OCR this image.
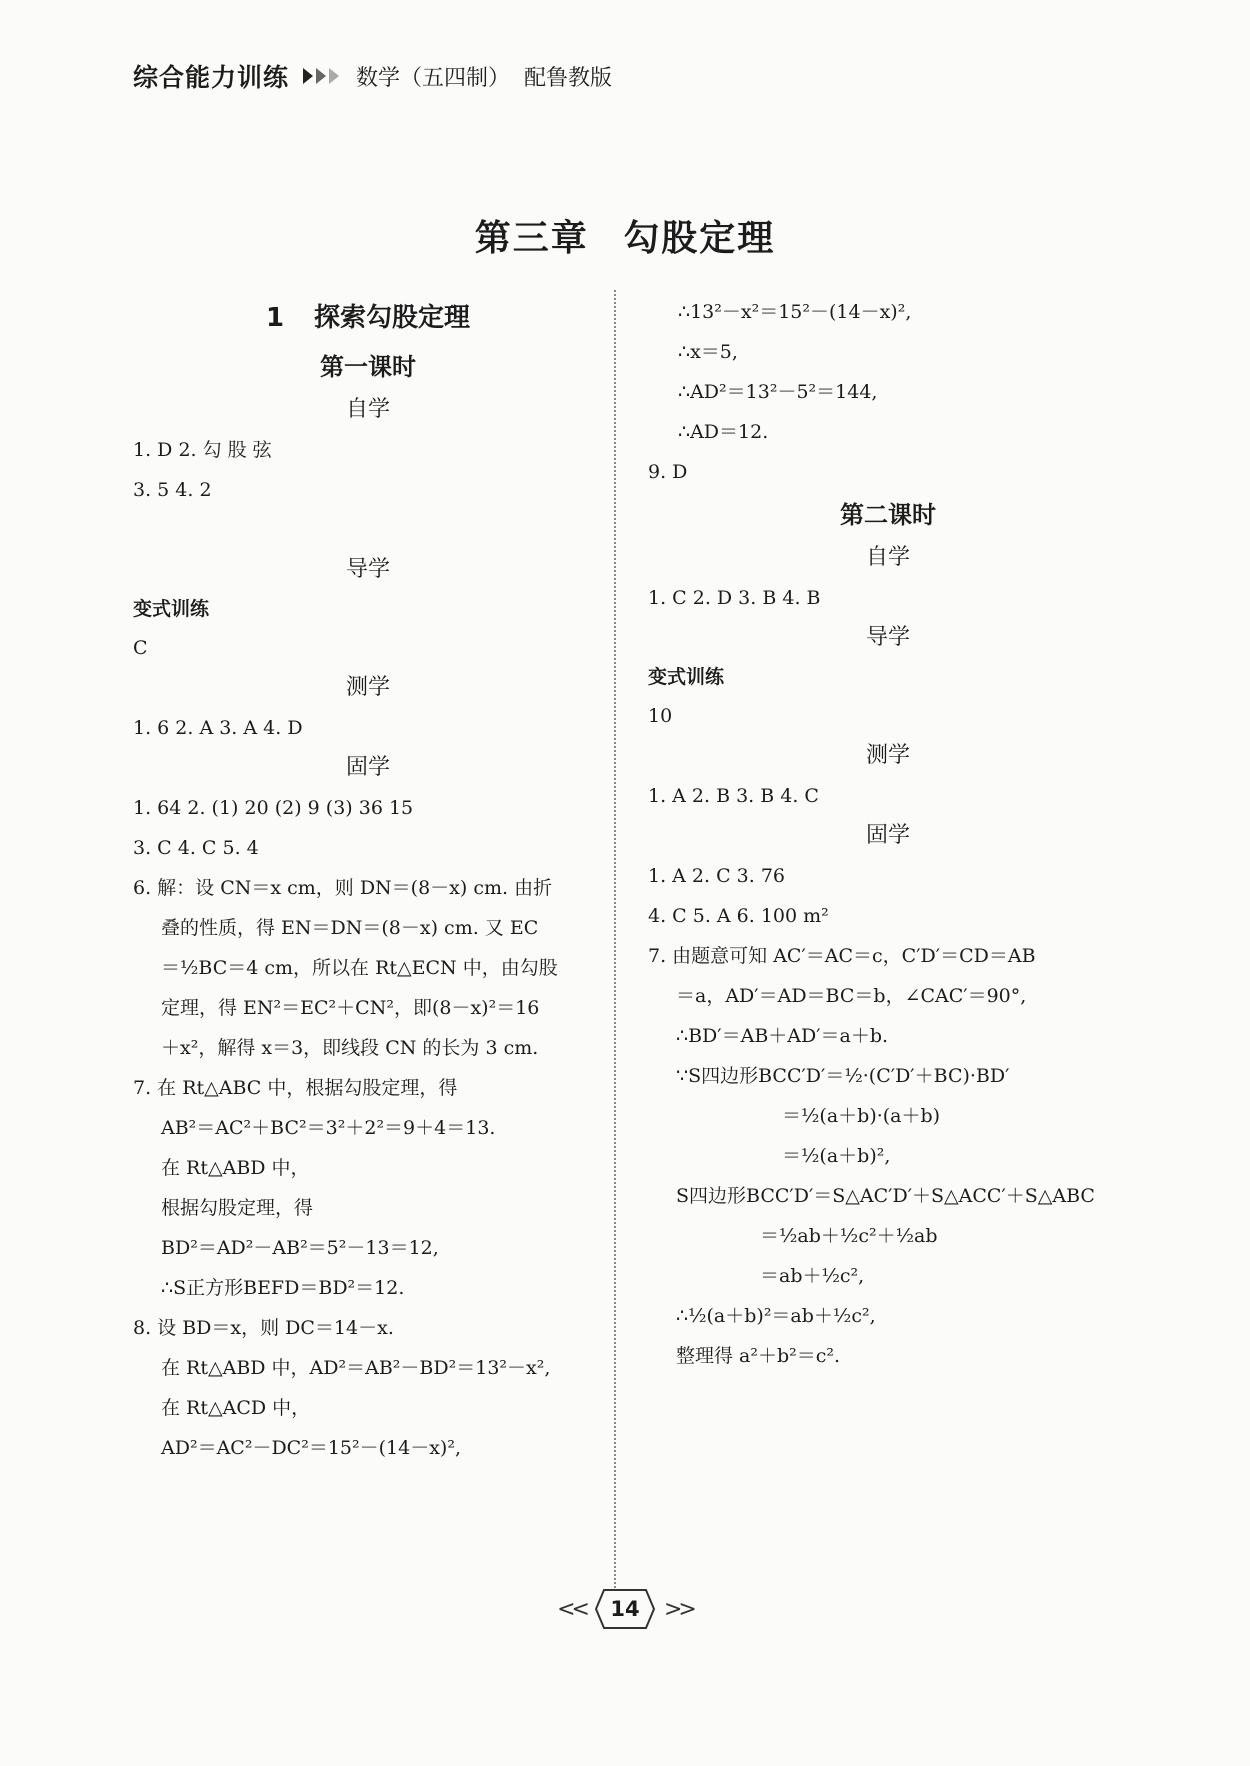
综合能力训练	数学（五四制） 配鲁教版
第三章 勾股定理
1 探索勾股定理
第一课时
自学
1. D 2. 勾 股 弦
3. 5 4. 2
导学
变式训练
C
测学
1. 6 2. A 3. A 4. D
固学
1. 64 2. (1) 20 (2) 9 (3) 36 15
3. C 4. C 5. 4
6. 解：设 CN＝x cm，则 DN＝(8－x) cm. 由折
叠的性质，得 EN＝DN＝(8－x) cm. 又 EC
＝½BC＝4 cm，所以在 Rt△ECN 中，由勾股
定理，得 EN²＝EC²＋CN²，即(8－x)²＝16
＋x²，解得 x＝3，即线段 CN 的长为 3 cm.
7. 在 Rt△ABC 中，根据勾股定理，得
AB²＝AC²＋BC²＝3²＋2²＝9＋4＝13.
在 Rt△ABD 中，
根据勾股定理，得
BD²＝AD²－AB²＝5²－13＝12,
∴S正方形BEFD＝BD²＝12.
8. 设 BD＝x，则 DC＝14－x.
在 Rt△ABD 中，AD²＝AB²－BD²＝13²－x²,
在 Rt△ACD 中，
AD²＝AC²－DC²＝15²－(14－x)²,
∴13²－x²＝15²－(14－x)²,
∴x＝5,
∴AD²＝13²－5²＝144,
∴AD＝12.
9. D
第二课时
自学
1. C 2. D 3. B 4. B
导学
变式训练
10
测学
1. A 2. B 3. B 4. C
固学
1. A 2. C 3. 76
4. C 5. A 6. 100 m²
7. 由题意可知 AC′＝AC＝c，C′D′＝CD＝AB
＝a，AD′＝AD＝BC＝b，∠CAC′＝90°,
∴BD′＝AB＋AD′＝a＋b.
∵S四边形BCC′D′＝½·(C′D′＋BC)·BD′
＝½(a＋b)·(a＋b)
＝½(a＋b)²,
S四边形BCC′D′＝S△AC′D′＋S△ACC′＋S△ABC
＝½ab＋½c²＋½ab
＝ab＋½c²,
∴½(a＋b)²＝ab＋½c²,
整理得 a²＋b²＝c².
<<	14	>>
